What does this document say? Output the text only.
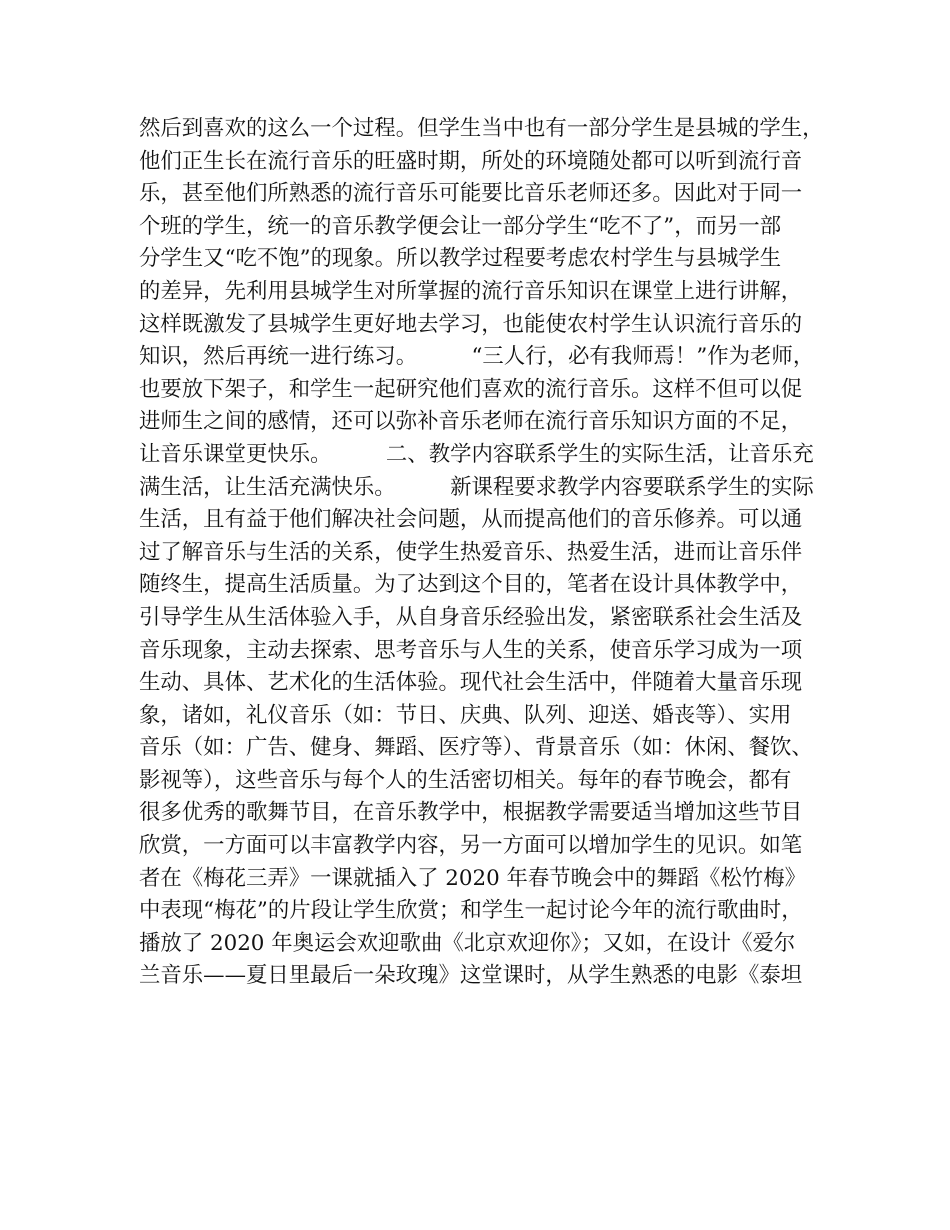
然后到喜欢的这么一个过程。但学生当中也有一部分学生是县城的学生，
他们正生长在流行音乐的旺盛时期，所处的环境随处都可以听到流行音
乐，甚至他们所熟悉的流行音乐可能要比音乐老师还多。因此对于同一
个班的学生，统一的音乐教学便会让一部分学生“吃不了”，而另一部
分学生又“吃不饱”的现象。所以教学过程要考虑农村学生与县城学生
的差异，先利用县城学生对所掌握的流行音乐知识在课堂上进行讲解，
这样既激发了县城学生更好地去学习，也能使农村学生认识流行音乐的
知识，然后再统一进行练习。        “三人行，必有我师焉！”作为老师，
也要放下架子，和学生一起研究他们喜欢的流行音乐。这样不但可以促
进师生之间的感情，还可以弥补音乐老师在流行音乐知识方面的不足，
让音乐课堂更快乐。        二、教学内容联系学生的实际生活，让音乐充
满生活，让生活充满快乐。        新课程要求教学内容要联系学生的实际
生活，且有益于他们解决社会问题，从而提高他们的音乐修养。可以通
过了解音乐与生活的关系，使学生热爱音乐、热爱生活，进而让音乐伴
随终生，提高生活质量。为了达到这个目的，笔者在设计具体教学中，
引导学生从生活体验入手，从自身音乐经验出发，紧密联系社会生活及
音乐现象，主动去探索、思考音乐与人生的关系，使音乐学习成为一项
生动、具体、艺术化的生活体验。现代社会生活中，伴随着大量音乐现
象，诸如，礼仪音乐（如：节日、庆典、队列、迎送、婚丧等）、实用
音乐（如：广告、健身、舞蹈、医疗等）、背景音乐（如：休闲、餐饮、
影视等），这些音乐与每个人的生活密切相关。每年的春节晚会，都有
很多优秀的歌舞节目，在音乐教学中，根据教学需要适当增加这些节目
欣赏，一方面可以丰富教学内容，另一方面可以增加学生的见识。如笔
者在《梅花三弄》一课就插入了 2020 年春节晚会中的舞蹈《松竹梅》
中表现“梅花”的片段让学生欣赏；和学生一起讨论今年的流行歌曲时，
播放了 2020 年奥运会欢迎歌曲《北京欢迎你》；又如，在设计《爱尔
兰音乐——夏日里最后一朵玫瑰》这堂课时，从学生熟悉的电影《泰坦
